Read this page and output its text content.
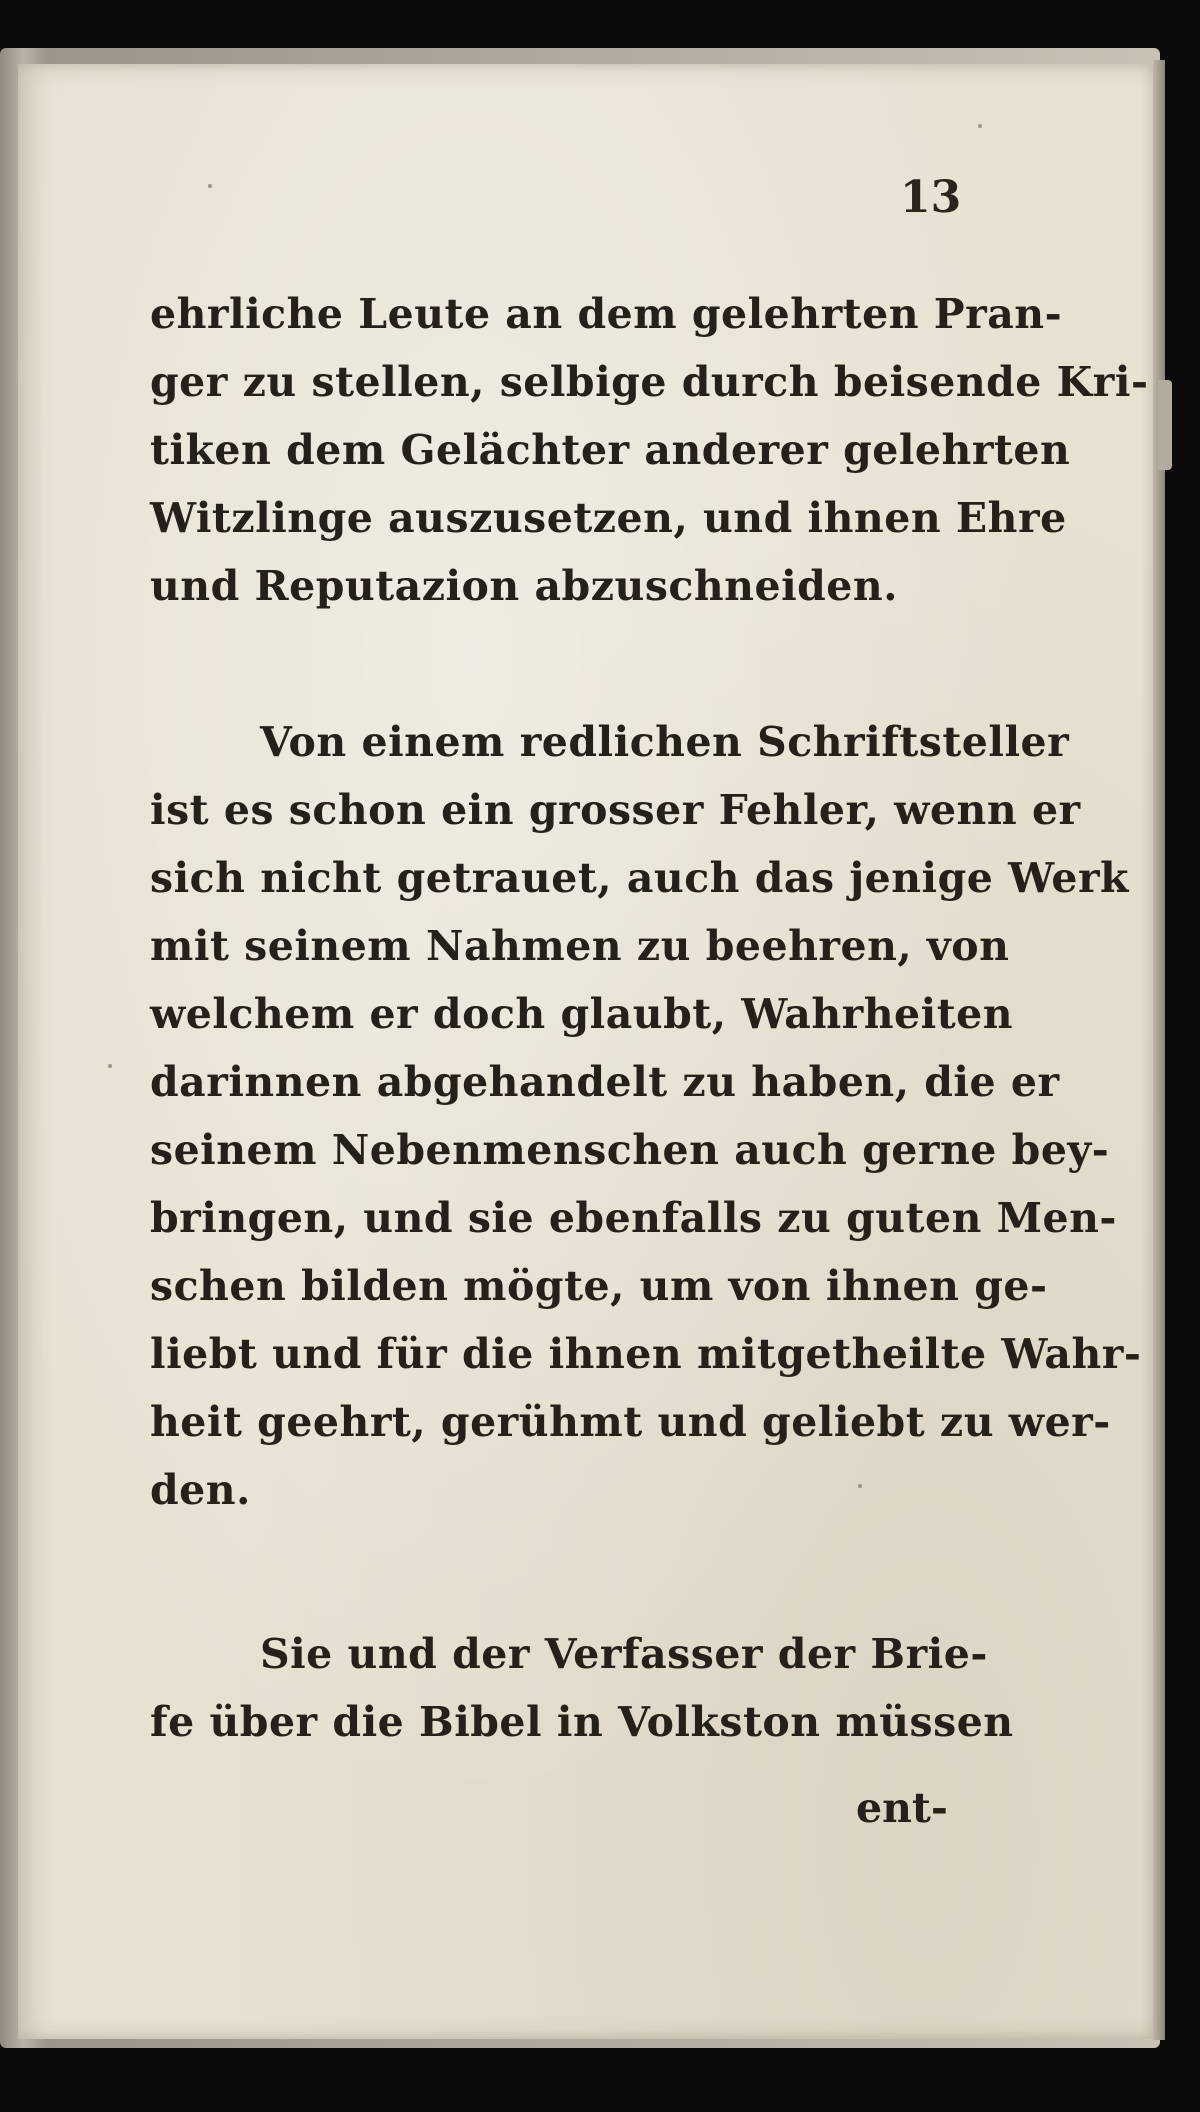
13
ehrliche Leute an dem gelehrten Pran-
ger zu stellen, selbige durch beisende Kri-
tiken dem Gelächter anderer gelehrten
Witzlinge auszusetzen, und ihnen Ehre
und Reputazion abzuschneiden.
Von einem redlichen Schriftsteller
ist es schon ein grosser Fehler, wenn er
sich nicht getrauet, auch das jenige Werk
mit seinem Nahmen zu beehren, von
welchem er doch glaubt, Wahrheiten
darinnen abgehandelt zu haben, die er
seinem Nebenmenschen auch gerne bey-
bringen, und sie ebenfalls zu guten Men-
schen bilden mögte, um von ihnen ge-
liebt und für die ihnen mitgetheilte Wahr-
heit geehrt, gerühmt und geliebt zu wer-
den.
Sie und der Verfasser der Brie-
fe über die Bibel in Volkston müssen
ent-
